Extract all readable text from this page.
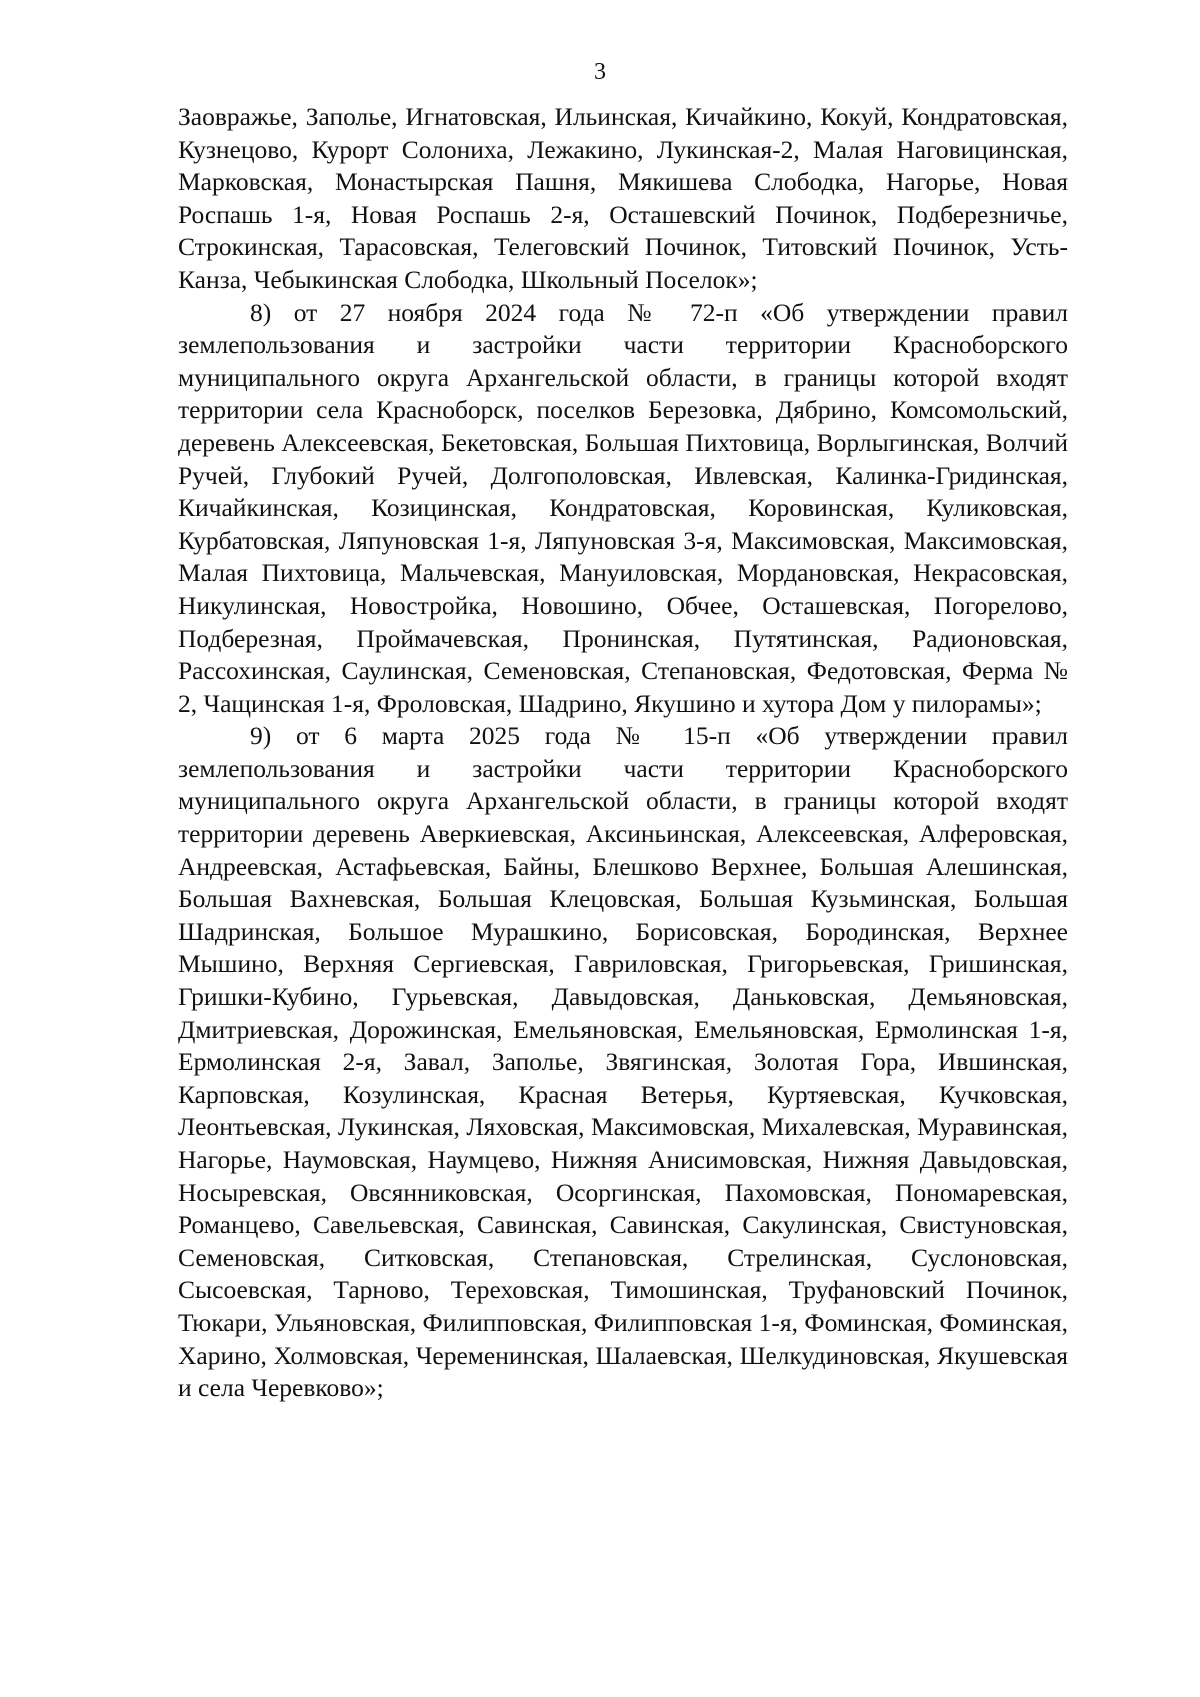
3

Заовражье, Заполье, Игнатовская, Ильинская, Кичайкино, Кокуй, Кондратовская, Кузнецово, Курорт Солониха, Лежакино, Лукинская-2, Малая Наговицинская, Марковская, Монастырская Пашня, Мякишева Слободка, Нагорье, Новая Роспашь 1-я, Новая Роспашь 2-я, Осташевский Починок, Подберезничье, Строкинская, Тарасовская, Телеговский Починок, Титовский Починок, Усть-Канза, Чебыкинская Слободка, Школьный Поселок»;

8) от 27 ноября 2024 года № 72-п «Об утверждении правил землепользования и застройки части территории Красноборского муниципального округа Архангельской области, в границы которой входят территории села Красноборск, поселков Березовка, Дябрино, Комсомольский, деревень Алексеевская, Бекетовская, Большая Пихтовица, Ворлыгинская, Волчий Ручей, Глубокий Ручей, Долгополовская, Ивлевская, Калинка-Гридинская, Кичайкинская, Козицинская, Кондратовская, Коровинская, Куликовская, Курбатовская, Ляпуновская 1-я, Ляпуновская 3-я, Максимовская, Максимовская, Малая Пихтовица, Мальчевская, Мануиловская, Мордановская, Некрасовская, Никулинская, Новостройка, Новошино, Обчее, Осташевская, Погорелово, Подберезная, Проймачевская, Пронинская, Путятинская, Радионовская, Рассохинская, Саулинская, Семеновская, Степановская, Федотовская, Ферма № 2, Чащинская 1-я, Фроловская, Шадрино, Якушино и хутора Дом у пилорамы»;

9) от 6 марта 2025 года № 15-п «Об утверждении правил землепользования и застройки части территории Красноборского муниципального округа Архангельской области, в границы которой входят территории деревень Аверкиевская, Аксиньинская, Алексеевская, Алферовская, Андреевская, Астафьевская, Байны, Блешково Верхнее, Большая Алешинская, Большая Вахневская, Большая Клецовская, Большая Кузьминская, Большая Шадринская, Большое Мурашкино, Борисовская, Бородинская, Верхнее Мышино, Верхняя Сергиевская, Гавриловская, Григорьевская, Гришинская, Гришки-Кубино, Гурьевская, Давыдовская, Даньковская, Демьяновская, Дмитриевская, Дорожинская, Емельяновская, Емельяновская, Ермолинская 1-я, Ермолинская 2-я, Завал, Заполье, Звягинская, Золотая Гора, Ившинская, Карповская, Козулинская, Красная Ветерья, Куртяевская, Кучковская, Леонтьевская, Лукинская, Ляховская, Максимовская, Михалевская, Муравинская, Нагорье, Наумовская, Наумцево, Нижняя Анисимовская, Нижняя Давыдовская, Носыревская, Овсянниковская, Осоргинская, Пахомовская, Пономаревская, Романцево, Савельевская, Савинская, Савинская, Сакулинская, Свистуновская, Семеновская, Ситковская, Степановская, Стрелинская, Суслоновская, Сысоевская, Тарново, Тереховская, Тимошинская, Труфановский Починок, Тюкари, Ульяновская, Филипповская, Филипповская 1-я, Фоминская, Фоминская, Харино, Холмовская, Череменинская, Шалаевская, Шелкудиновская, Якушевская и села Черевково»;
